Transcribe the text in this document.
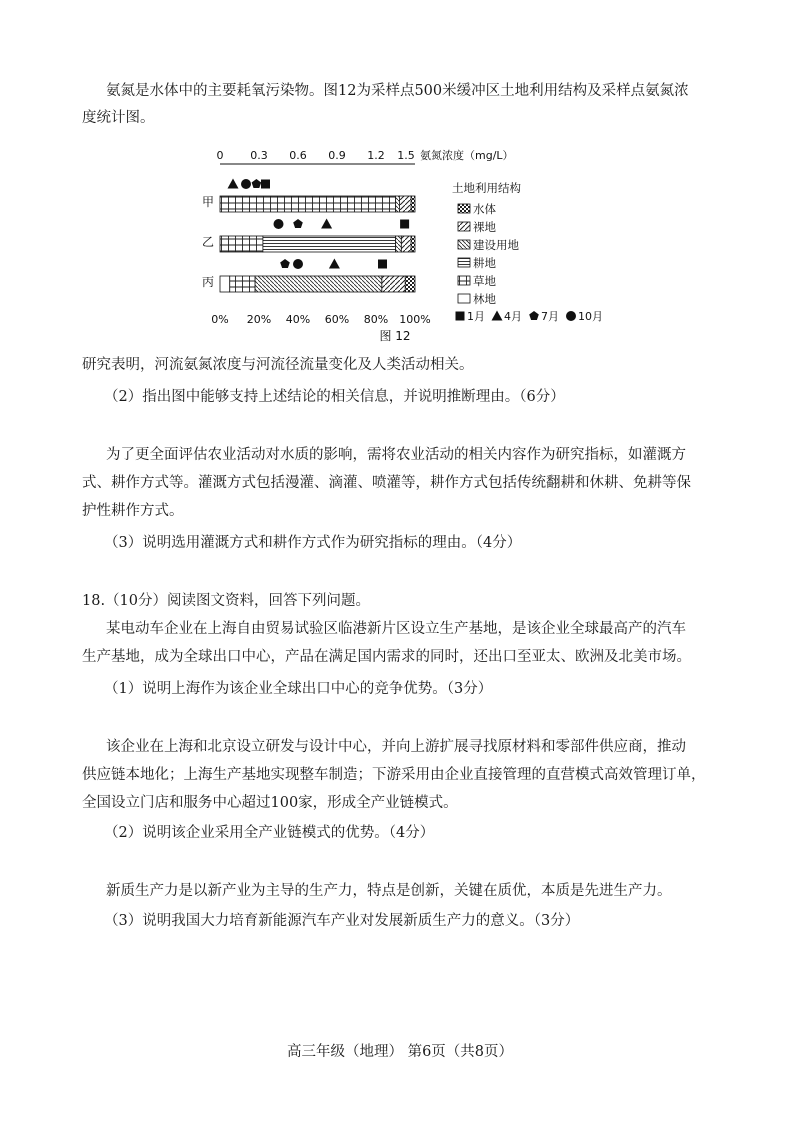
氨氮是水体中的主要耗氧污染物。图12为采样点500米缓冲区土地利用结构及采样点氨氮浓

度统计图。

0 0.3 0.6 0.9 1.2 1.5 氨氮浓度（mg/L）
甲
乙
丙
0% 20% 40% 60% 80% 100%
图 12
土地利用结构
水体
裸地
建设用地
耕地
草地
林地
1月 4月 7月 10月

研究表明，河流氨氮浓度与河流径流量变化及人类活动相关。

（2）指出图中能够支持上述结论的相关信息，并说明推断理由。（6分）

为了更全面评估农业活动对水质的影响，需将农业活动的相关内容作为研究指标，如灌溉方

式、耕作方式等。灌溉方式包括漫灌、滴灌、喷灌等，耕作方式包括传统翻耕和休耕、免耕等保

护性耕作方式。

（3）说明选用灌溉方式和耕作方式作为研究指标的理由。（4分）

18.（10分）阅读图文资料，回答下列问题。

某电动车企业在上海自由贸易试验区临港新片区设立生产基地，是该企业全球最高产的汽车

生产基地，成为全球出口中心，产品在满足国内需求的同时，还出口至亚太、欧洲及北美市场。

（1）说明上海作为该企业全球出口中心的竞争优势。（3分）

该企业在上海和北京设立研发与设计中心，并向上游扩展寻找原材料和零部件供应商，推动

供应链本地化；上海生产基地实现整车制造；下游采用由企业直接管理的直营模式高效管理订单，

全国设立门店和服务中心超过100家，形成全产业链模式。

（2）说明该企业采用全产业链模式的优势。（4分）

新质生产力是以新产业为主导的生产力，特点是创新，关键在质优，本质是先进生产力。

（3）说明我国大力培育新能源汽车产业对发展新质生产力的意义。（3分）

高三年级（地理） 第6页（共8页）
